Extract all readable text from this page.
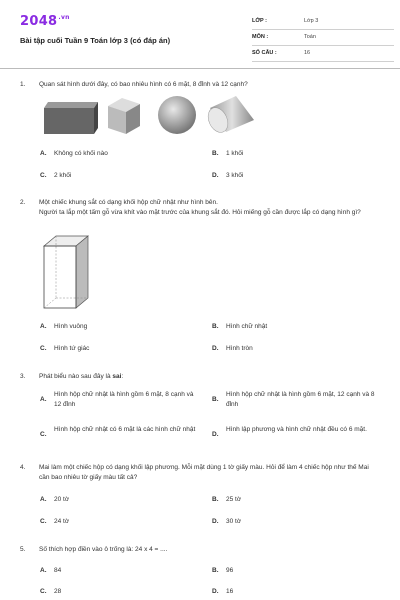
$2048^{.vn}$
Bài tập cuối Tuần 9 Toán lớp 3 (có đáp án)
LỚP :	Lớp 3
MÔN :	Toán
SỐ CÂU :	16
1.	Quan sát hình dưới đây, có bao nhiêu hình có 6 mặt, 8 đỉnh và 12 cạnh?
A. Không có khối nào	B. 1 khối
C. 2 khối	D. 3 khối
2.	Một chiếc khung sắt có dạng khối hộp chữ nhật như hình bên.
Người ta lắp một tấm gỗ vừa khít vào mặt trước của khung sắt đó. Hỏi miếng gỗ cần được lắp có dạng hình gì?
A. Hình vuông	B. Hình chữ nhật
C. Hình tứ giác	D. Hình tròn
3.	Phát biểu nào sau đây là sai:
A.
Hình hộp chữ nhật là hình gồm 6 mặt, 8 cạnh và 12 đỉnh
B.
Hình hộp chữ nhật là hình gồm 6 mặt, 12 cạnh và 8 đỉnh
C.
Hình hộp chữ nhật có 6 mặt là các hình chữ nhật
D.
Hình lập phương và hình chữ nhật đều có 6 mặt.
4.	Mai làm một chiếc hộp có dạng khối lập phương. Mỗi mặt dùng 1 tờ giấy màu. Hỏi để làm 4 chiếc hộp như thế Mai cần bao nhiêu tờ giấy màu tất cả?
A. 20 tờ	B. 25 tờ
C. 24 tờ	D. 30 tờ
5.	Số thích hợp điền vào ô trống là: 24 x 4 = ....
A. 84	B. 96
C. 28	D. 16
